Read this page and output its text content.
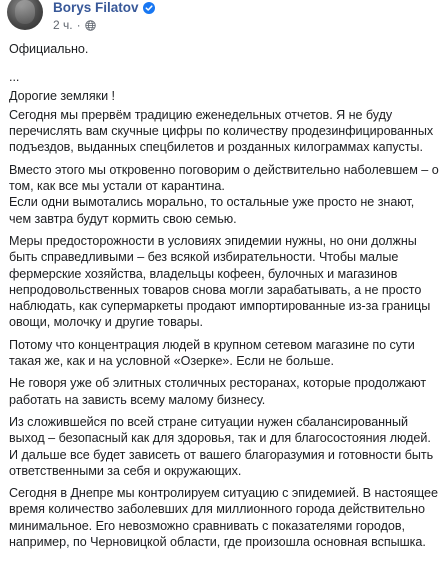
Borys Filatov
2 ч. ·

Официально.

...

Дорогие земляки !

Сегодня мы прервём традицию еженедельных отчетов. Я не буду перечислять вам скучные цифры по количеству продезинфицированных подъездов, выданных спецбилетов и розданных килограммах капусты.

Вместо этого мы откровенно поговорим о действительно наболевшем – о том, как все мы устали от карантина.
Если одни вымотались морально, то остальные уже просто не знают, чем завтра будут кормить свою семью.

Меры предосторожности в условиях эпидемии нужны, но они должны быть справедливыми – без всякой избирательности. Чтобы малые фермерские хозяйства, владельцы кофеен, булочных и магазинов непродовольственных товаров снова могли зарабатывать, а не просто наблюдать, как супермаркеты продают импортированные из-за границы овощи, молочку и другие товары.

Потому что концентрация людей в крупном сетевом магазине по сути такая же, как и на условной «Озерке». Если не больше.

Не говоря уже об элитных столичных ресторанах, которые продолжают работать на зависть всему малому бизнесу.

Из сложившейся по всей стране ситуации нужен сбалансированный выход – безопасный как для здоровья, так и для благосостояния людей. И дальше все будет зависеть от вашего благоразумия и готовности быть ответственными за себя и окружающих.

Сегодня в Днепре мы контролируем ситуацию с эпидемией. В настоящее время количество заболевших для миллионного города действительно минимальное. Его невозможно сравнивать с показателями городов, например, по Черновицкой области, где произошла основная вспышка.
